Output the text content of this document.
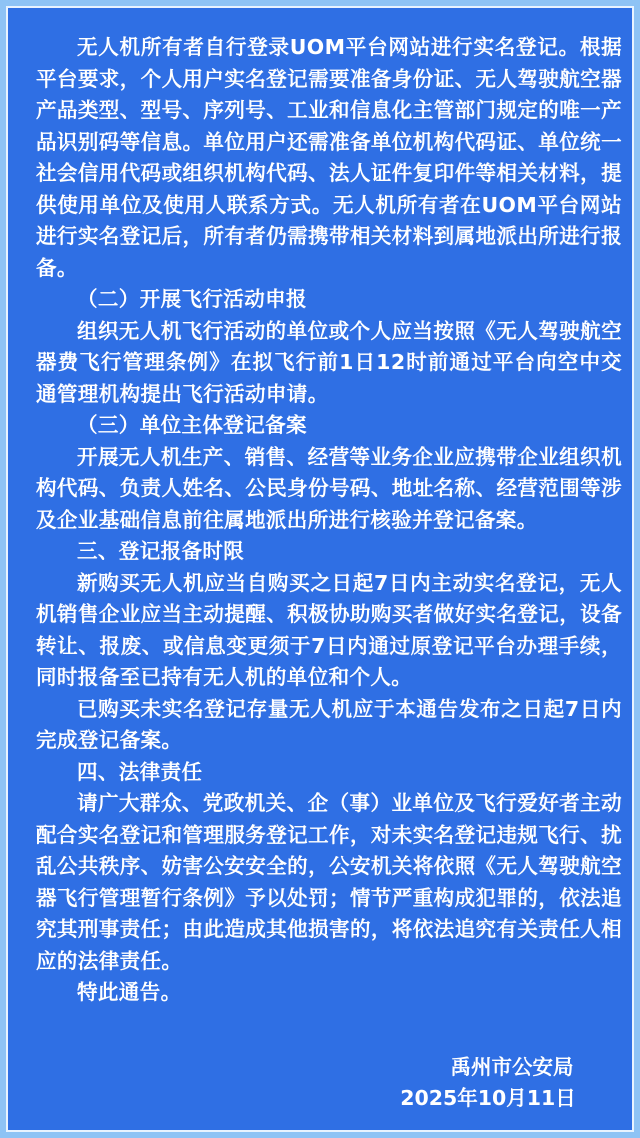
无人机所有者自行登录UOM平台网站进行实名登记。根据平台要求，个人用户实名登记需要准备身份证、无人驾驶航空器产品类型、型号、序列号、工业和信息化主管部门规定的唯一产品识别码等信息。单位用户还需准备单位机构代码证、单位统一社会信用代码或组织机构代码、法人证件复印件等相关材料，提供使用单位及使用人联系方式。无人机所有者在UOM平台网站进行实名登记后，所有者仍需携带相关材料到属地派出所进行报备。

（二）开展飞行活动申报

组织无人机飞行活动的单位或个人应当按照《无人驾驶航空器费飞行管理条例》在拟飞行前1日12时前通过平台向空中交通管理机构提出飞行活动申请。

（三）单位主体登记备案

开展无人机生产、销售、经营等业务企业应携带企业组织机构代码、负责人姓名、公民身份号码、地址名称、经营范围等涉及企业基础信息前往属地派出所进行核验并登记备案。

三、登记报备时限

新购买无人机应当自购买之日起7日内主动实名登记，无人机销售企业应当主动提醒、积极协助购买者做好实名登记，设备转让、报废、或信息变更须于7日内通过原登记平台办理手续，同时报备至已持有无人机的单位和个人。

已购买未实名登记存量无人机应于本通告发布之日起7日内完成登记备案。

四、法律责任

请广大群众、党政机关、企（事）业单位及飞行爱好者主动配合实名登记和管理服务登记工作，对未实名登记违规飞行、扰乱公共秩序、妨害公安安全的，公安机关将依照《无人驾驶航空器飞行管理暂行条例》予以处罚；情节严重构成犯罪的，依法追究其刑事责任；由此造成其他损害的，将依法追究有关责任人相应的法律责任。

特此通告。

禹州市公安局
2025年10月11日
